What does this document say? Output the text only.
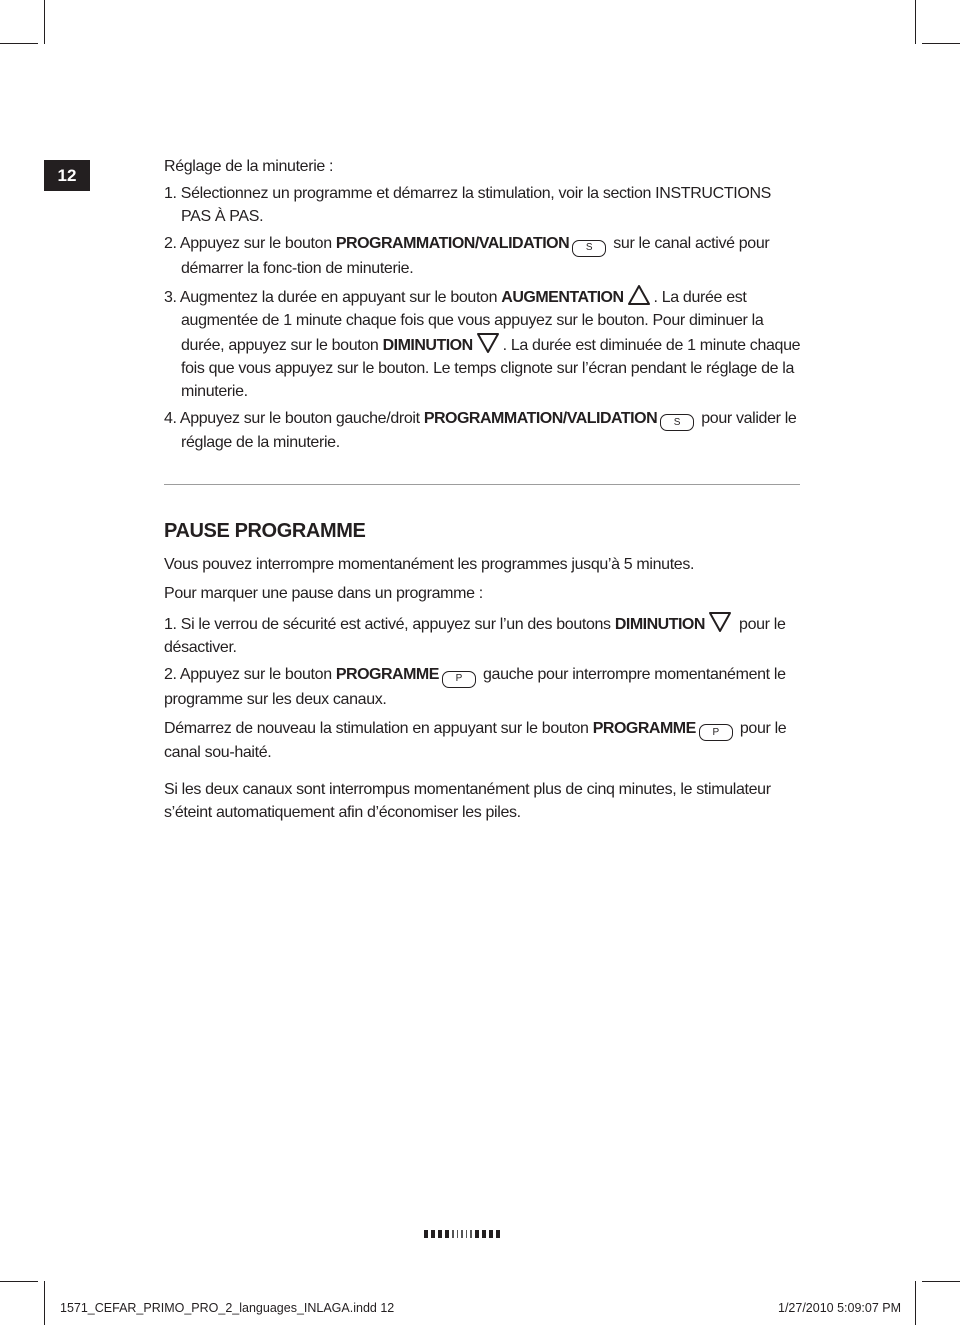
12	Réglage de la minuterie :

1. Sélectionnez un programme et démarrez la stimulation, voir la section INSTRUCTIONS PAS À PAS.

2. Appuyez sur le bouton PROGRAMMATION/VALIDATION S sur le canal activé pour démarrer la fonc-tion de minuterie.

3. Augmentez la durée en appuyant sur le bouton AUGMENTATION . La durée est augmentée de 1 minute chaque fois que vous appuyez sur le bouton. Pour diminuer la durée, appuyez sur le bouton DIMINUTION . La durée est diminuée de 1 minute chaque fois que vous appuyez sur le bouton. Le temps clignote sur l’écran pendant le réglage de la minuterie.

4. Appuyez sur le bouton gauche/droit PROGRAMMATION/VALIDATION S pour valider le réglage de la minuterie.

PAUSE PROGRAMME

Vous pouvez interrompre momentanément les programmes jusqu’à 5 minutes.

Pour marquer une pause dans un programme :

1. Si le verrou de sécurité est activé, appuyez sur l’un des boutons DIMINUTION pour le désactiver.

2. Appuyez sur le bouton PROGRAMME P gauche pour interrompre momentanément le programme sur les deux canaux.

Démarrez de nouveau la stimulation en appuyant sur le bouton PROGRAMME P pour le canal sou-haité.

Si les deux canaux sont interrompus momentanément plus de cinq minutes, le stimulateur s’éteint automatiquement afin d’économiser les piles.

1571_CEFAR_PRIMO_PRO_2_languages_INLAGA.indd 12	1/27/2010 5:09:07 PM
